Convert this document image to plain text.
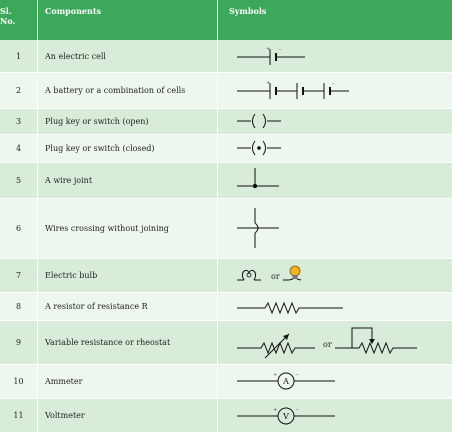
Sl.
No.
Components	Symbols
1	An electric cell
+ –
2	A battery or a combination of cells
+	–
3	Plug key or switch (open)
4	Plug key or switch (closed)
5	A wire joint
6	Wires crossing without joining
7	Electric bulb	or
8	A resistor of resistance R
9	Variable resistance or rheostat	or
10	Ammeter	A
+	–
11	Voltmeter	V
+	–
